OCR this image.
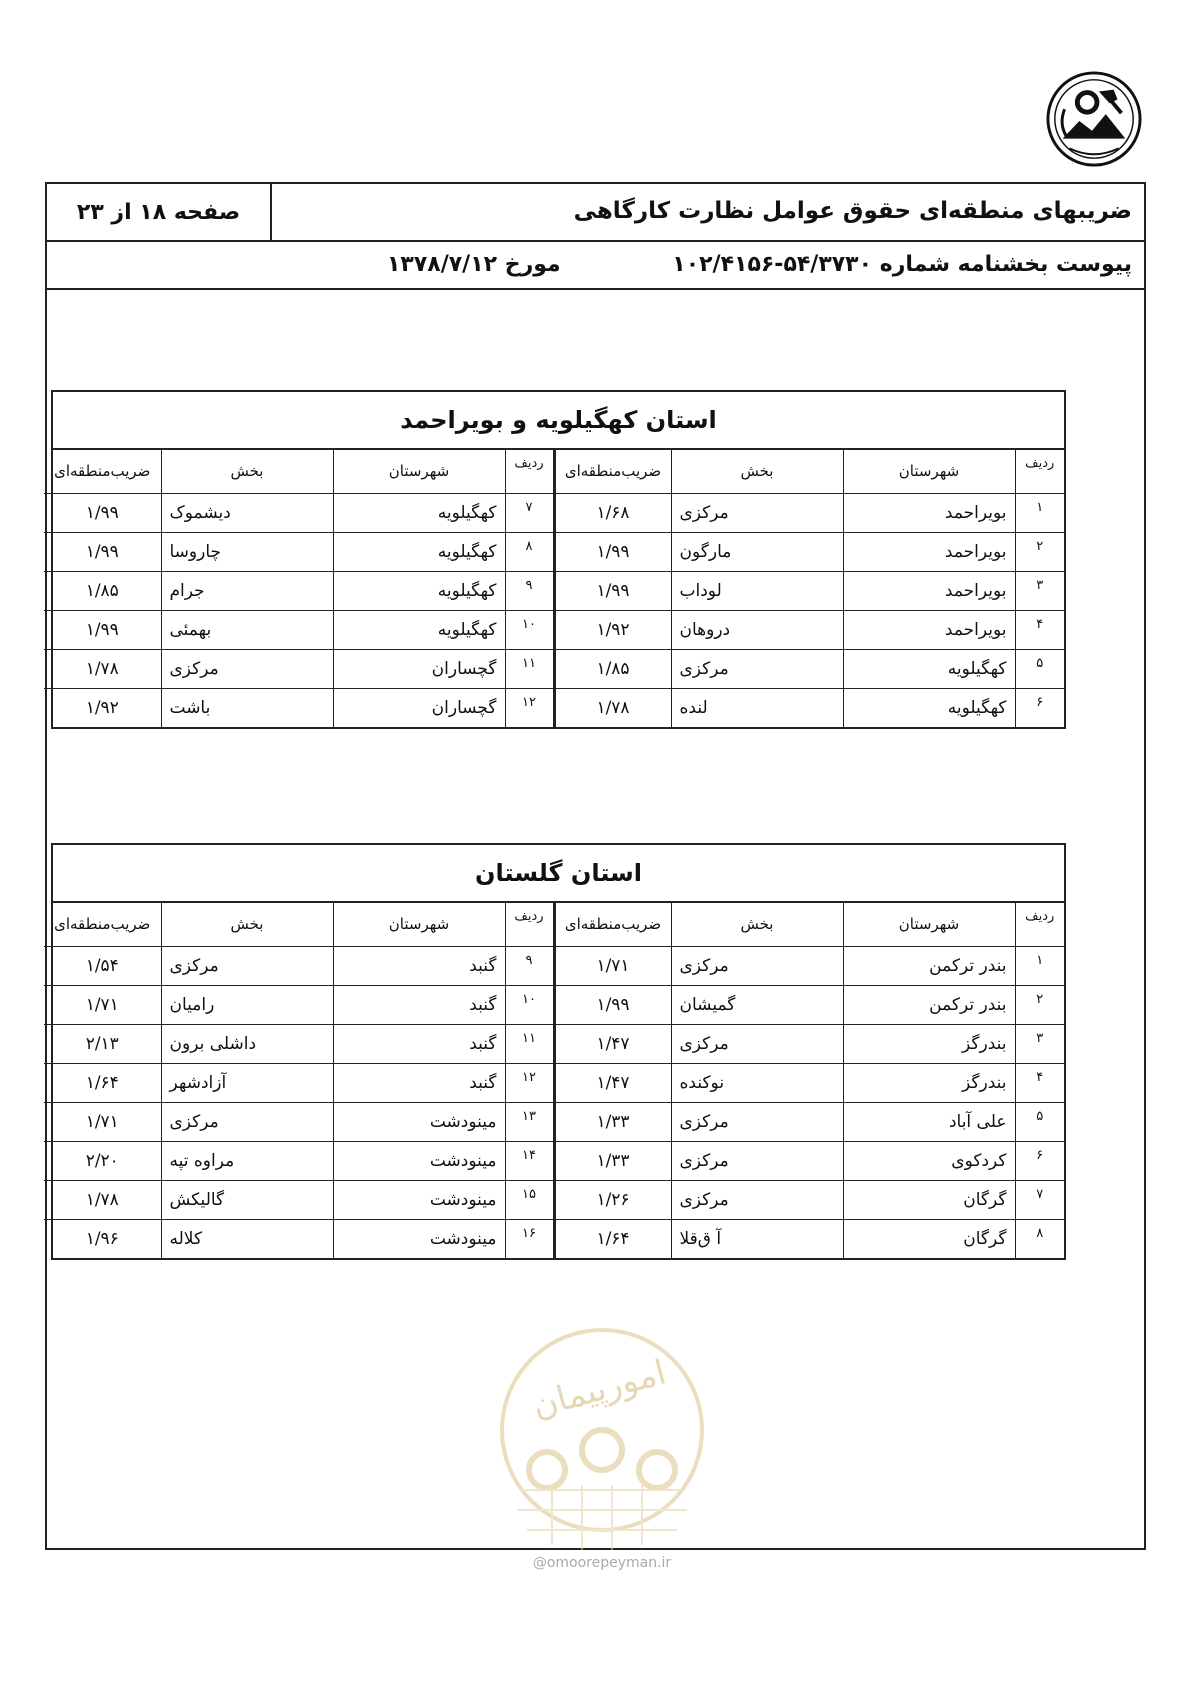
صفحه ۱۸ از ۲۳	ضریبهای منطقه‌ای حقوق عوامل نظارت کارگاهی
پیوست بخشنامه شماره ۵۴/۳۷۳۰-۱۰۲/۴۱۵۶
مورخ ۱۳۷۸/۷/۱۲
استان کهگیلویه و بویراحمد
ردیف	شهرستان	بخش	ضریب‌منطقه‌ای	ردیف	شهرستان	بخش	ضریب‌منطقه‌ای
۱	بویراحمد	مرکزی	۱/۶۸	۷	کهگیلویه	دیشموک	۱/۹۹
۲	بویراحمد	مارگون	۱/۹۹	۸	کهگیلویه	چاروسا	۱/۹۹
۳	بویراحمد	لوداب	۱/۹۹	۹	کهگیلویه	جرام	۱/۸۵
۴	بویراحمد	دروهان	۱/۹۲	۱۰	کهگیلویه	بهمئی	۱/۹۹
۵	کهگیلویه	مرکزی	۱/۸۵	۱۱	گچساران	مرکزی	۱/۷۸
۶	کهگیلویه	لنده	۱/۷۸	۱۲	گچساران	باشت	۱/۹۲
استان گلستان
ردیف	شهرستان	بخش	ضریب‌منطقه‌ای	ردیف	شهرستان	بخش	ضریب‌منطقه‌ای
۱	بندر ترکمن	مرکزی	۱/۷۱	۹	گنبد	مرکزی	۱/۵۴
۲	بندر ترکمن	گمیشان	۱/۹۹	۱۰	گنبد	رامیان	۱/۷۱
۳	بندرگز	مرکزی	۱/۴۷	۱۱	گنبد	داشلی برون	۲/۱۳
۴	بندرگز	نوکنده	۱/۴۷	۱۲	گنبد	آزادشهر	۱/۶۴
۵	علی آباد	مرکزی	۱/۳۳	۱۳	مینودشت	مرکزی	۱/۷۱
۶	کردکوی	مرکزی	۱/۳۳	۱۴	مینودشت	مراوه تپه	۲/۲۰
۷	گرگان	مرکزی	۱/۲۶	۱۵	مینودشت	گالیکش	۱/۷۸
۸	گرگان	آ ق‌قلا	۱/۶۴	۱۶	مینودشت	کلاله	۱/۹۶
امورپیمان
@omoorepeyman.ir
